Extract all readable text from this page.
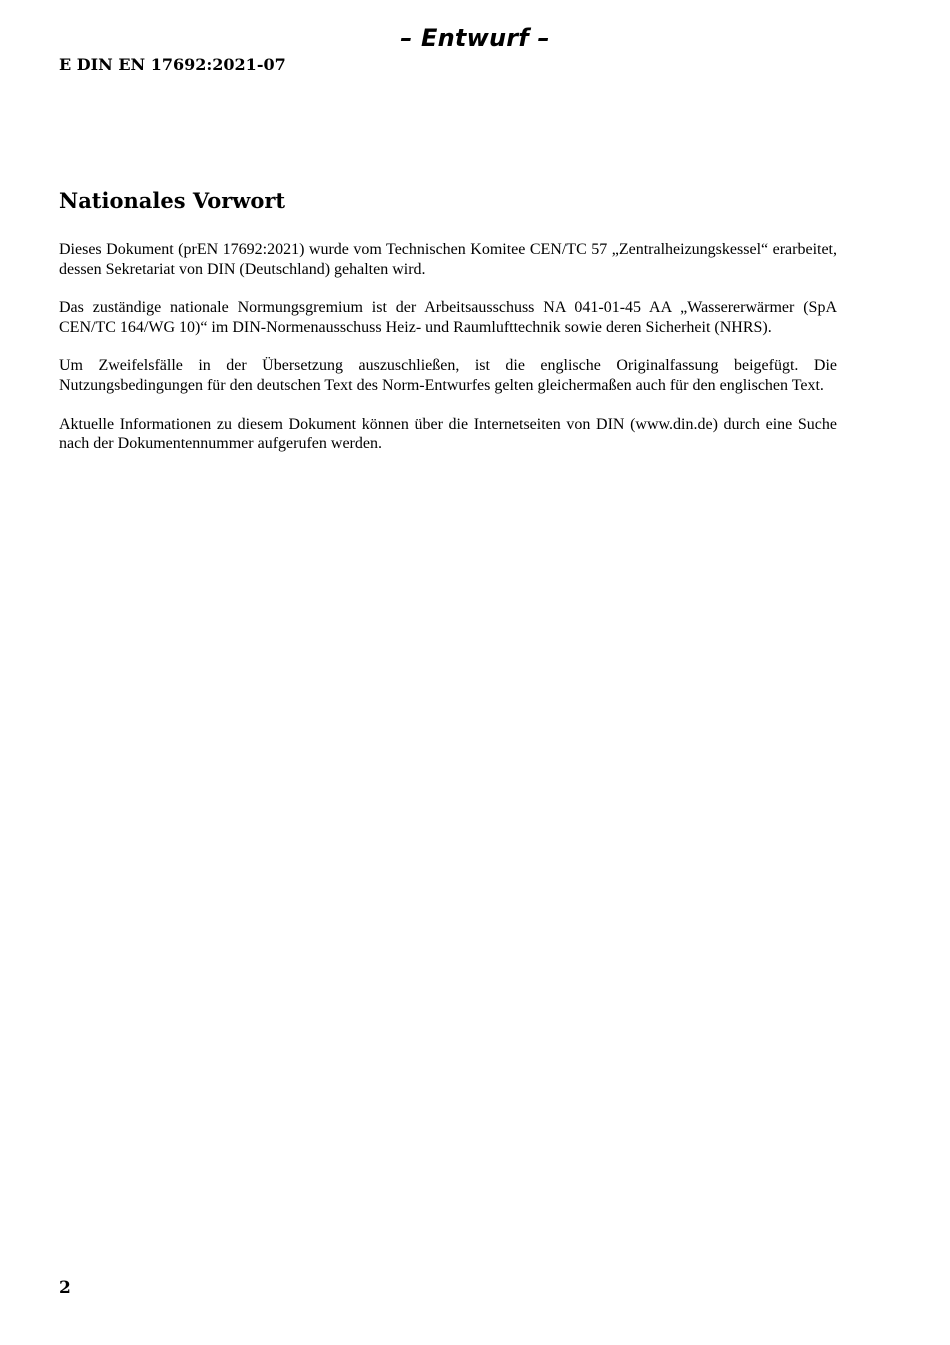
– Entwurf –
E DIN EN 17692:2021-07
Nationales Vorwort

Dieses Dokument (prEN 17692:2021) wurde vom Technischen Komitee CEN/TC 57 „Zentralheizungskessel“ erarbeitet, dessen Sekretariat von DIN (Deutschland) gehalten wird.

Das zuständige nationale Normungsgremium ist der Arbeitsausschuss NA 041-01-45 AA „Wassererwärmer (SpA CEN/TC 164/WG 10)“ im DIN-Normenausschuss Heiz- und Raumlufttechnik sowie deren Sicherheit (NHRS).

Um Zweifelsfälle in der Übersetzung auszuschließen, ist die englische Originalfassung beigefügt. Die Nutzungsbedingungen für den deutschen Text des Norm-Entwurfes gelten gleichermaßen auch für den englischen Text.

Aktuelle Informationen zu diesem Dokument können über die Internetseiten von DIN (www.din.de) durch eine Suche nach der Dokumentennummer aufgerufen werden.

2
